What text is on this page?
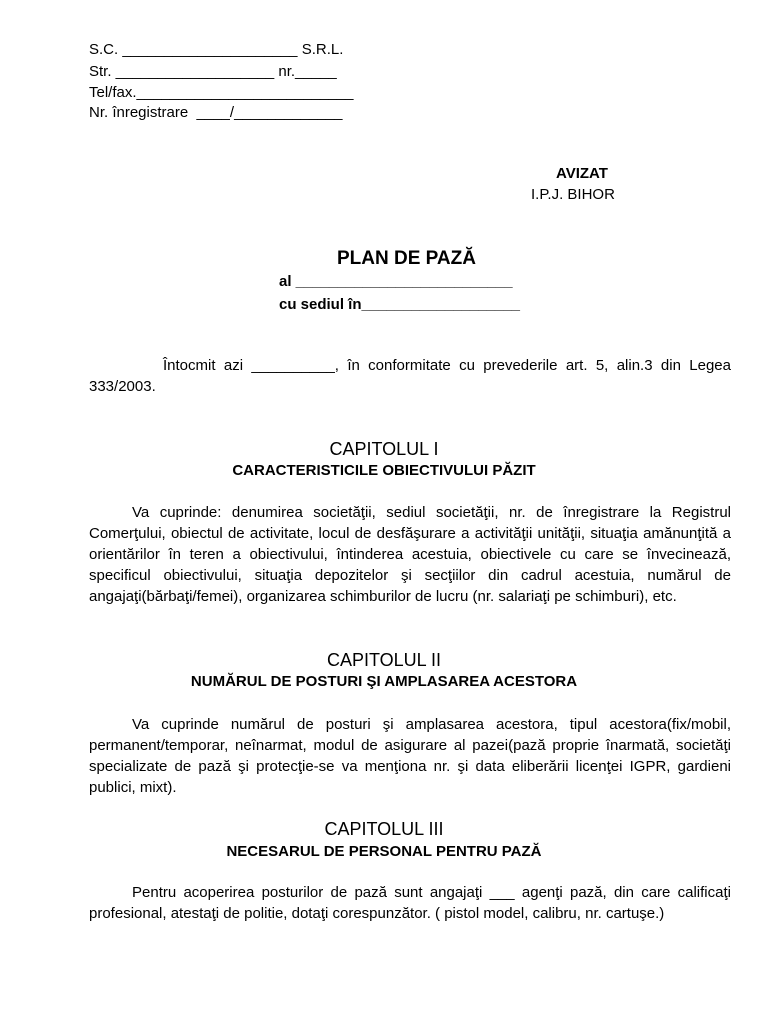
S.C. _____________________ S.R.L.
Str. ___________________ nr._____
Tel/fax.__________________________
Nr. înregistrare  ____/_____________
AVIZAT
I.P.J. BIHOR
PLAN DE PAZĂ
al __________________________
cu sediul în___________________
Întocmit azi __________, în conformitate cu prevederile art. 5, alin.3 din Legea 333/2003.
CAPITOLUL I
CARACTERISTICILE OBIECTIVULUI PĂZIT
Va cuprinde: denumirea societăţii, sediul societăţii, nr. de înregistrare la Registrul Comerţului, obiectul de activitate, locul de desfăşurare a activităţii unităţii, situaţia amănunţită a orientărilor în teren a obiectivului, întinderea acestuia, obiectivele cu care se învecinează, specificul obiectivului, situaţia depozitelor şi secţiilor din cadrul acestuia, numărul de angajaţi(bărbaţi/femei), organizarea schimburilor de lucru (nr. salariaţi pe schimburi), etc.
CAPITOLUL II
NUMĂRUL DE POSTURI ŞI AMPLASAREA ACESTORA
Va cuprinde numărul de posturi şi amplasarea acestora, tipul acestora(fix/mobil, permanent/temporar, neînarmat, modul de asigurare al pazei(pază proprie înarmată, societăţi specializate de pază şi protecţie-se va menţiona nr. şi data eliberării licenţei IGPR, gardieni publici, mixt).
CAPITOLUL III
NECESARUL DE PERSONAL PENTRU PAZĂ
Pentru acoperirea posturilor de pază sunt angajaţi ___ agenţi pază, din care calificaţi profesional, atestaţi de politie, dotaţi corespunzător. ( pistol model, calibru, nr. cartuşe.)
